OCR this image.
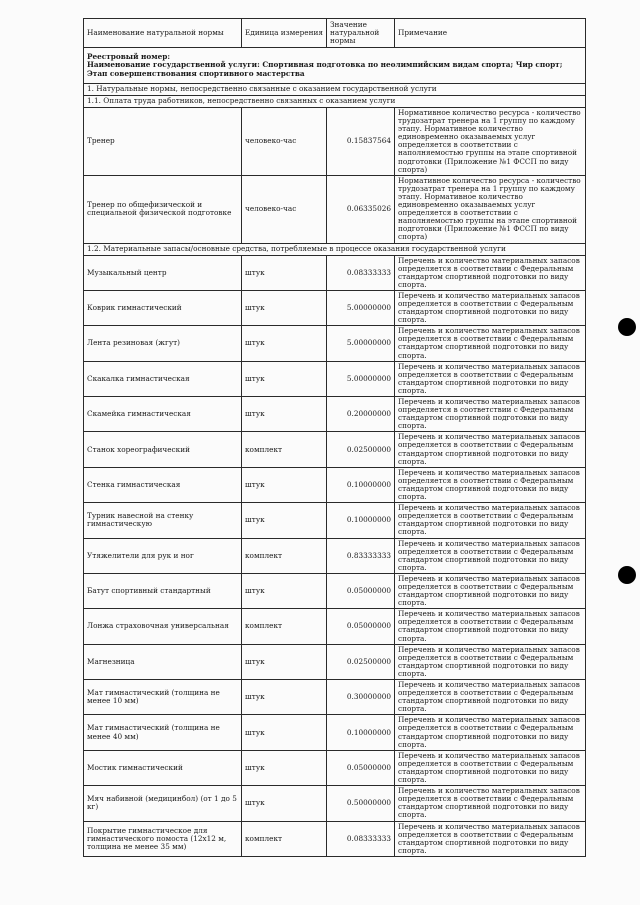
Наименование натуральной нормы	Единица измерения	Значение натуральной нормы	Примечание

Реестровый номер:
Наименование государственной услуги: Спортивная подготовка по неолимпийским видам спорта; Чир спорт; Этап совершенствования спортивного мастерства			

1. Натуральные нормы, непосредственно связанные с оказанием государственной услуги			
1.1. Оплата труда работников, непосредственно связанных с оказанием услуги			
Тренер	человеко-час	0.15837564	Нормативное количество ресурса - количество трудозатрат тренера на 1 группу по каждому этапу. Нормативное количество единовременно оказываемых услуг определяется в соответствии с наполняемостью группы на этапе спортивной подготовки (Приложение №1 ФССП по виду спорта)
Тренер по общефизической и специальной физической подготовке	человеко-час	0.06335026	Нормативное количество ресурса - количество трудозатрат тренера на 1 группу по каждому этапу. Нормативное количество единовременно оказываемых услуг определяется в соответствии с наполняемостью группы на этапе спортивной подготовки (Приложение №1 ФССП по виду спорта)
1.2. Материальные запасы/основные средства, потребляемые в процессе оказания государственной услуги			
Музыкальный центр	штук	0.08333333	Перечень и количество материальных запасов определяется в соответствии с Федеральным стандартом спортивной подготовки по виду спорта.
Коврик гимнастический	штук	5.00000000	Перечень и количество материальных запасов определяется в соответствии с Федеральным стандартом спортивной подготовки по виду спорта.
Лента резиновая (жгут)	штук	5.00000000	Перечень и количество материальных запасов определяется в соответствии с Федеральным стандартом спортивной подготовки по виду спорта.
Скакалка гимнастическая	штук	5.00000000	Перечень и количество материальных запасов определяется в соответствии с Федеральным стандартом спортивной подготовки по виду спорта.
Скамейка гимнастическая	штук	0.20000000	Перечень и количество материальных запасов определяется в соответствии с Федеральным стандартом спортивной подготовки по виду спорта.
Станок хореографический	комплект	0.02500000	Перечень и количество материальных запасов определяется в соответствии с Федеральным стандартом спортивной подготовки по виду спорта.
Стенка гимнастическая	штук	0.10000000	Перечень и количество материальных запасов определяется в соответствии с Федеральным стандартом спортивной подготовки по виду спорта.
Турник навесной на стенку гимнастическую	штук	0.10000000	Перечень и количество материальных запасов определяется в соответствии с Федеральным стандартом спортивной подготовки по виду спорта.
Утяжелители для рук и ног	комплект	0.83333333	Перечень и количество материальных запасов определяется в соответствии с Федеральным стандартом спортивной подготовки по виду спорта.
Батут спортивный стандартный	штук	0.05000000	Перечень и количество материальных запасов определяется в соответствии с Федеральным стандартом спортивной подготовки по виду спорта.
Лонжа страховочная универсальная	комплект	0.05000000	Перечень и количество материальных запасов определяется в соответствии с Федеральным стандартом спортивной подготовки по виду спорта.
Магнезница	штук	0.02500000	Перечень и количество материальных запасов определяется в соответствии с Федеральным стандартом спортивной подготовки по виду спорта.
Мат гимнастический (толщина не менее 10 мм)	штук	0.30000000	Перечень и количество материальных запасов определяется в соответствии с Федеральным стандартом спортивной подготовки по виду спорта.
Мат гимнастический (толщина не менее 40 мм)	штук	0.10000000	Перечень и количество материальных запасов определяется в соответствии с Федеральным стандартом спортивной подготовки по виду спорта.
Мостик гимнастический	штук	0.05000000	Перечень и количество материальных запасов определяется в соответствии с Федеральным стандартом спортивной подготовки по виду спорта.
Мяч набивной (медицинбол) (от 1 до 5 кг)	штук	0.50000000	Перечень и количество материальных запасов определяется в соответствии с Федеральным стандартом спортивной подготовки по виду спорта.
Покрытие гимнастическое для гимнастического помоста (12х12 м, толщина не менее 35 мм)	комплект	0.08333333	Перечень и количество материальных запасов определяется в соответствии с Федеральным стандартом спортивной подготовки по виду спорта.
